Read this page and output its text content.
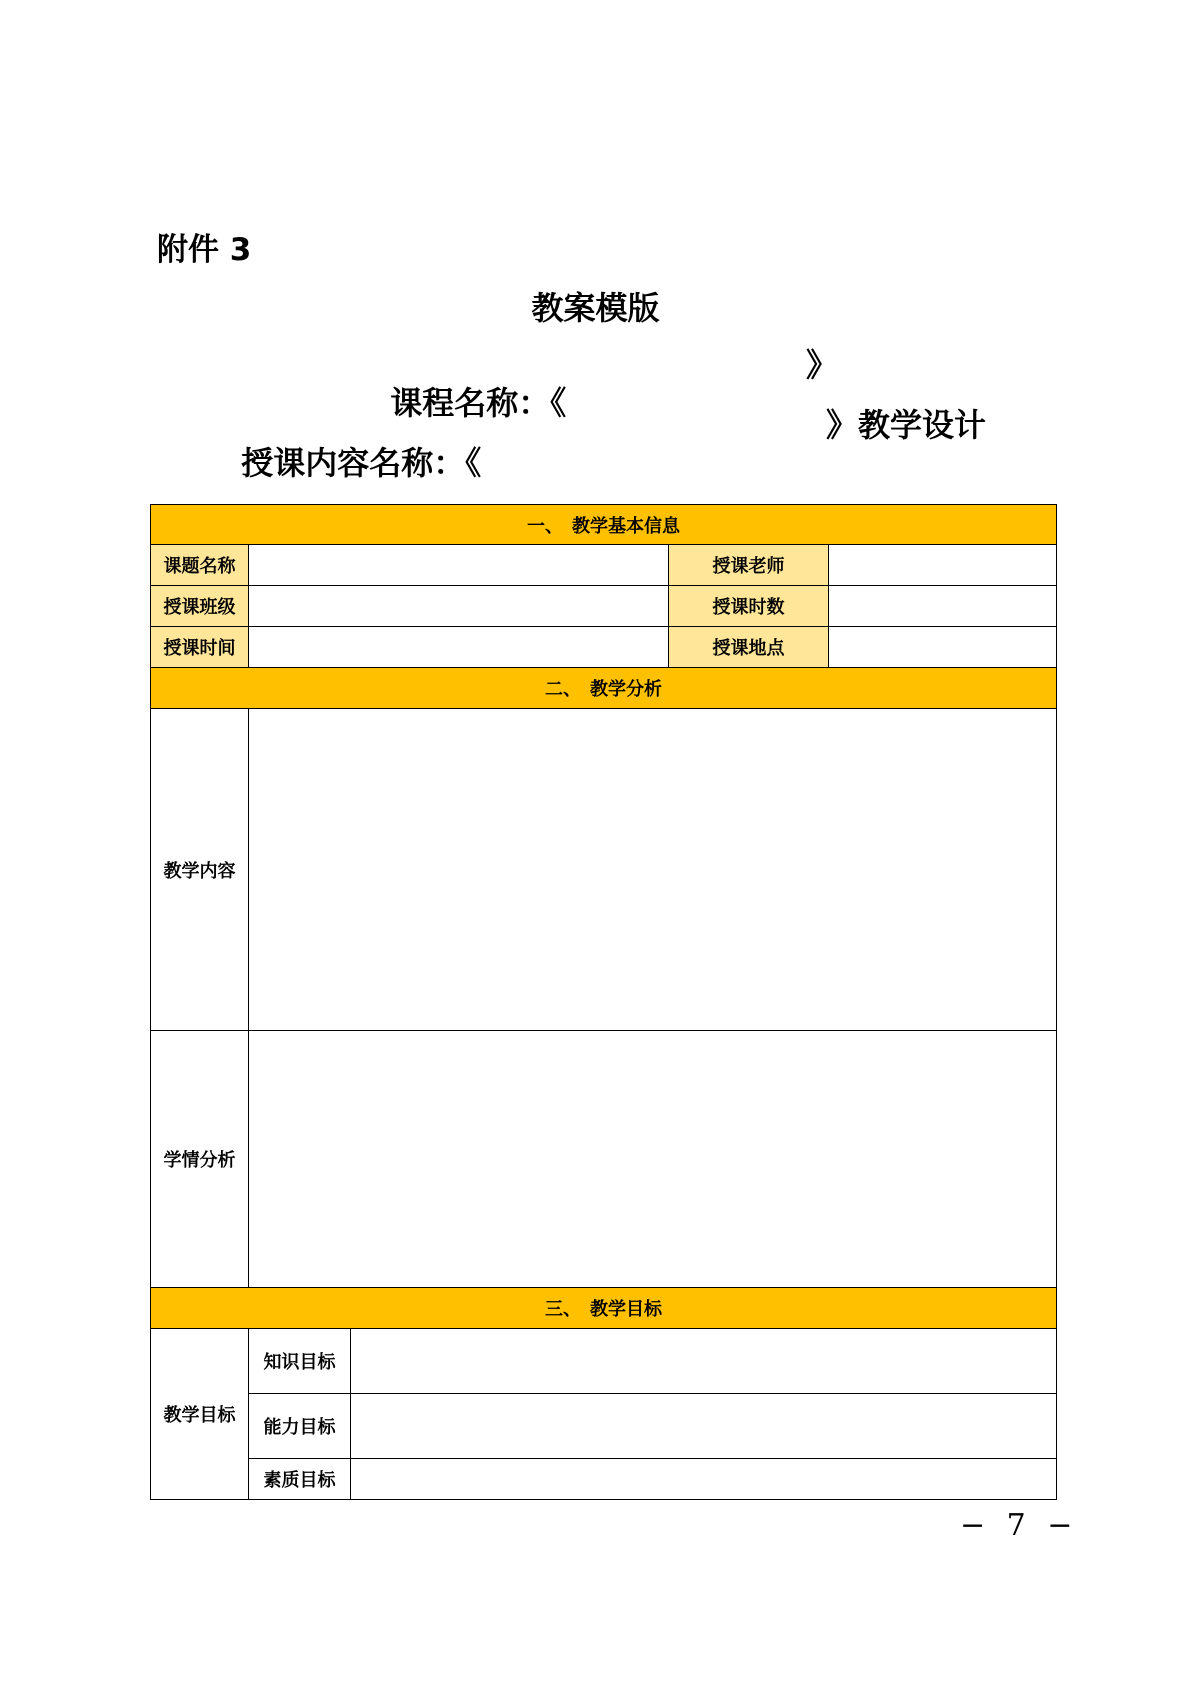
附件 3
教案模版

课程名称：《

》

授课内容名称：《

》教学设计
一、　教学基本信息				
课题名称			授课老师	
授课班级			授课时数	
授课时间			授课地点	
二、　教学分析				
教学内容				
学情分析				
三、　教学目标				
教学目标	知识目标			
	能力目标			
	素质目标			
− 7 −
